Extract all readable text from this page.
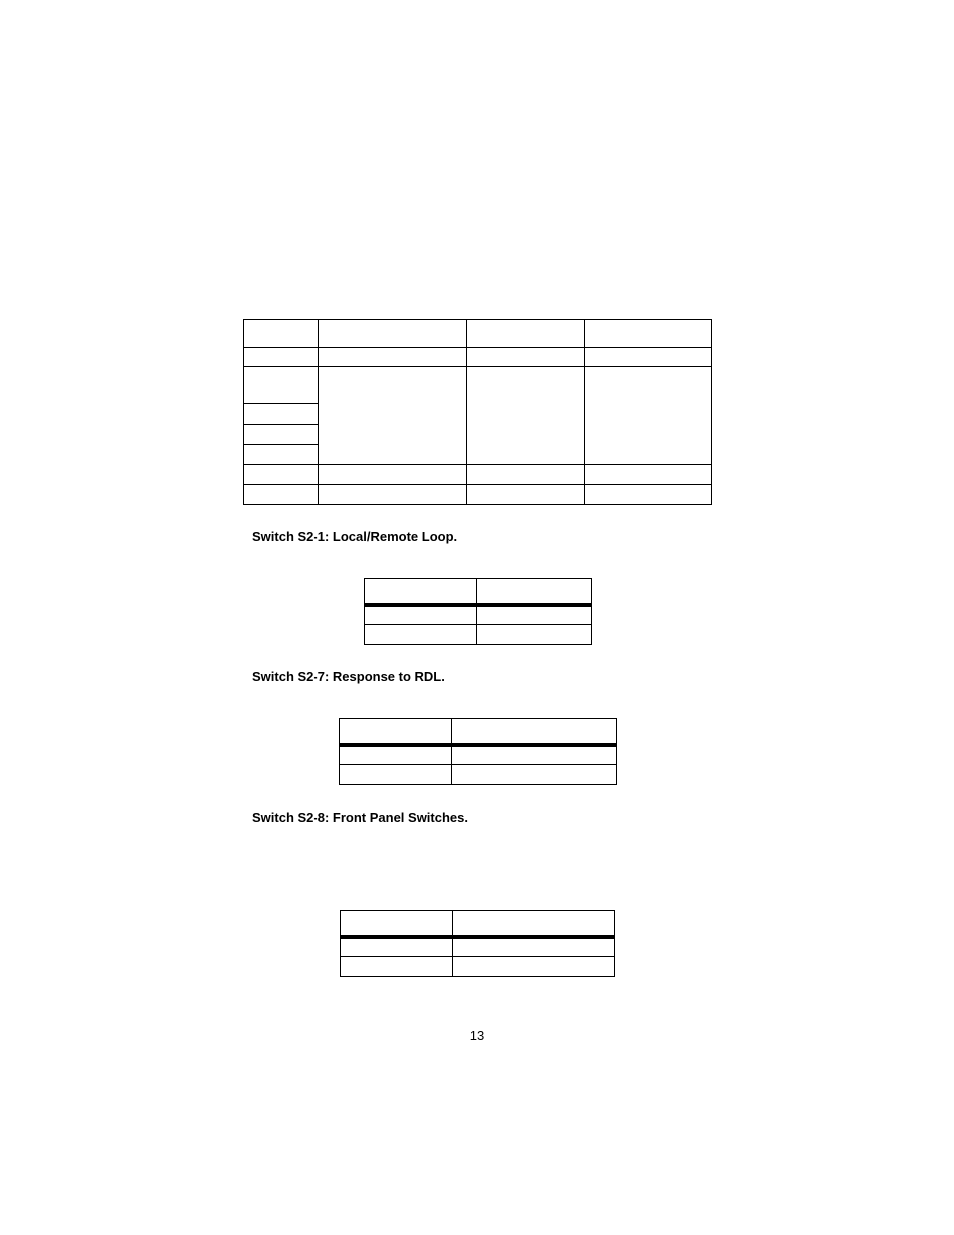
Switch S2-1: Local/Remote Loop.

Switch S2-7: Response to RDL.

Switch S2-8: Front Panel Switches.

13
